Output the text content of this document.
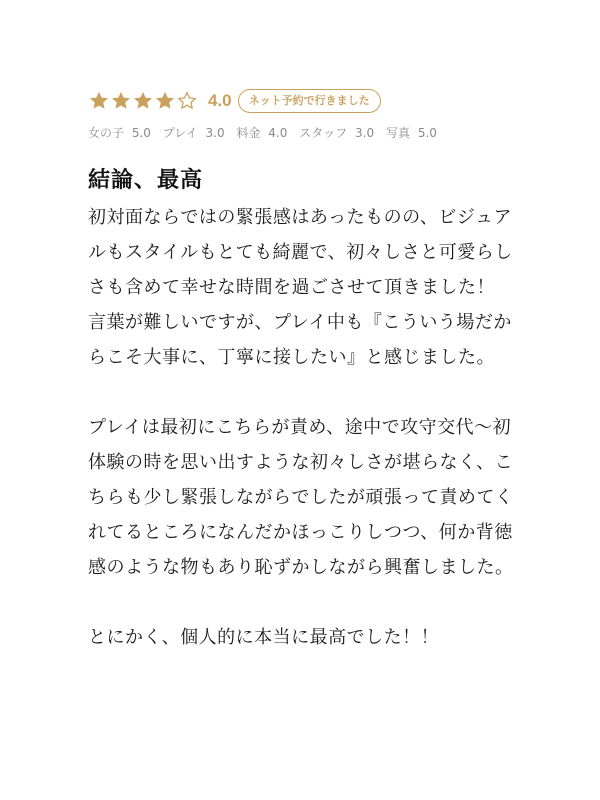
4.0	ネット予約で行きました
女の子 5.0 プレイ 3.0 料金 4.0 スタッフ 3.0 写真 5.0
結論、最高

初対面ならではの緊張感はあったものの、ビジュアルもスタイルもとても綺麗で、初々しさと可愛らしさも含めて幸せな時間を過ごさせて頂きました！

言葉が難しいですが、プレイ中も『こういう場だからこそ大事に、丁寧に接したい』と感じました。

プレイは最初にこちらが責め、途中で攻守交代〜初体験の時を思い出すような初々しさが堪らなく、こちらも少し緊張しながらでしたが頑張って責めてくれてるところになんだかほっこりしつつ、何か背徳感のような物もあり恥ずかしながら興奮しました。

とにかく、個人的に本当に最高でした！！
